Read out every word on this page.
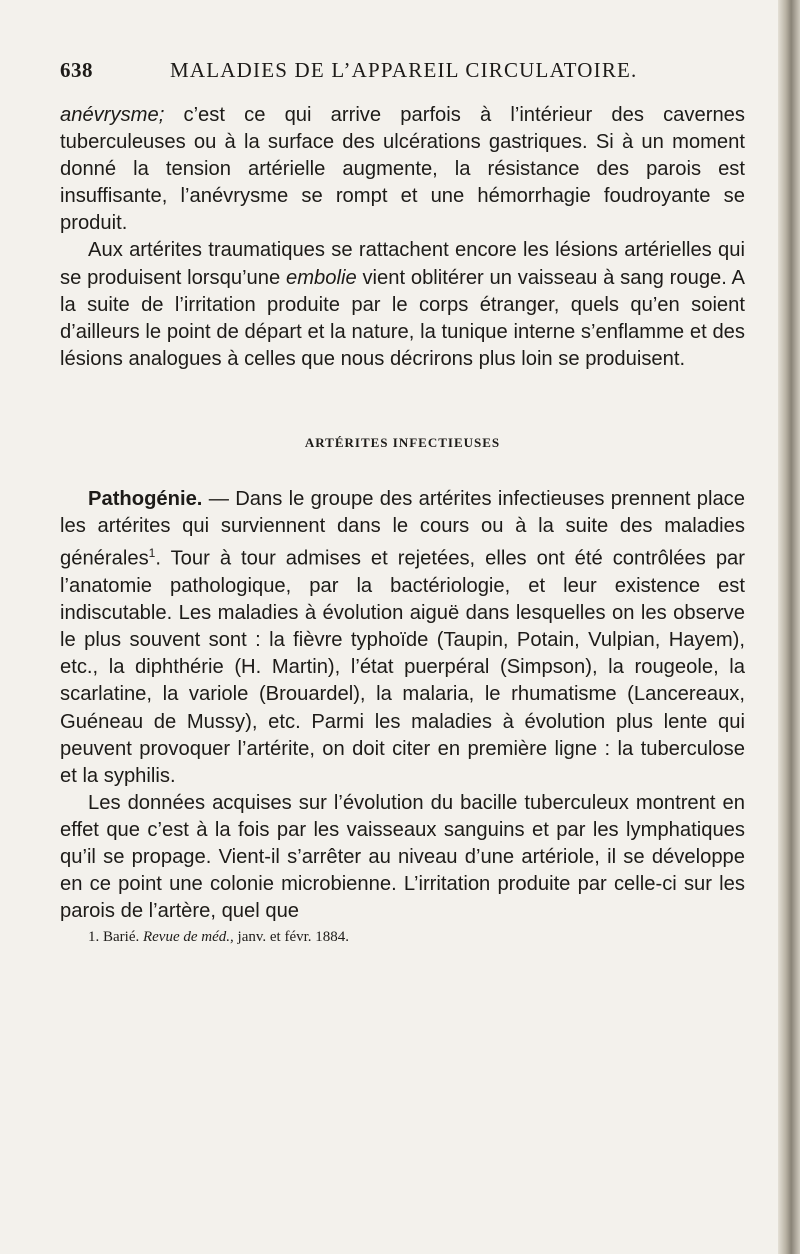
638	MALADIES DE L’APPAREIL CIRCULATOIRE.

anévrysme; c’est ce qui arrive parfois à l’intérieur des cavernes tuberculeuses ou à la surface des ulcérations gastriques. Si à un moment donné la tension artérielle augmente, la résistance des parois est insuffisante, l’anévrysme se rompt et une hémorrhagie foudroyante se produit.

Aux artérites traumatiques se rattachent encore les lésions artérielles qui se produisent lorsqu’une embolie vient oblitérer un vaisseau à sang rouge. A la suite de l’irritation produite par le corps étranger, quels qu’en soient d’ailleurs le point de départ et la nature, la tunique interne s’enflamme et des lésions analogues à celles que nous décrirons plus loin se produisent.

ARTÉRITES INFECTIEUSES

Pathogénie. — Dans le groupe des artérites infectieuses prennent place les artérites qui surviennent dans le cours ou à la suite des maladies générales$^1$. Tour à tour admises et rejetées, elles ont été contrôlées par l’anatomie pathologique, par la bactériologie, et leur existence est indiscutable. Les maladies à évolution aiguë dans lesquelles on les observe le plus souvent sont : la fièvre typhoïde (Taupin, Potain, Vulpian, Hayem), etc., la diphthérie (H. Martin), l’état puerpéral (Simpson), la rougeole, la scarlatine, la variole (Brouardel), la malaria, le rhumatisme (Lancereaux, Guéneau de Mussy), etc. Parmi les maladies à évolution plus lente qui peuvent provoquer l’artérite, on doit citer en première ligne : la tuberculose et la syphilis.

Les données acquises sur l’évolution du bacille tuberculeux montrent en effet que c’est à la fois par les vaisseaux sanguins et par les lymphatiques qu’il se propage. Vient-il s’arrêter au niveau d’une artériole, il se développe en ce point une colonie microbienne. L’irritation produite par celle-ci sur les parois de l’artère, quel que

1. Barié. Revue de méd., janv. et févr. 1884.
